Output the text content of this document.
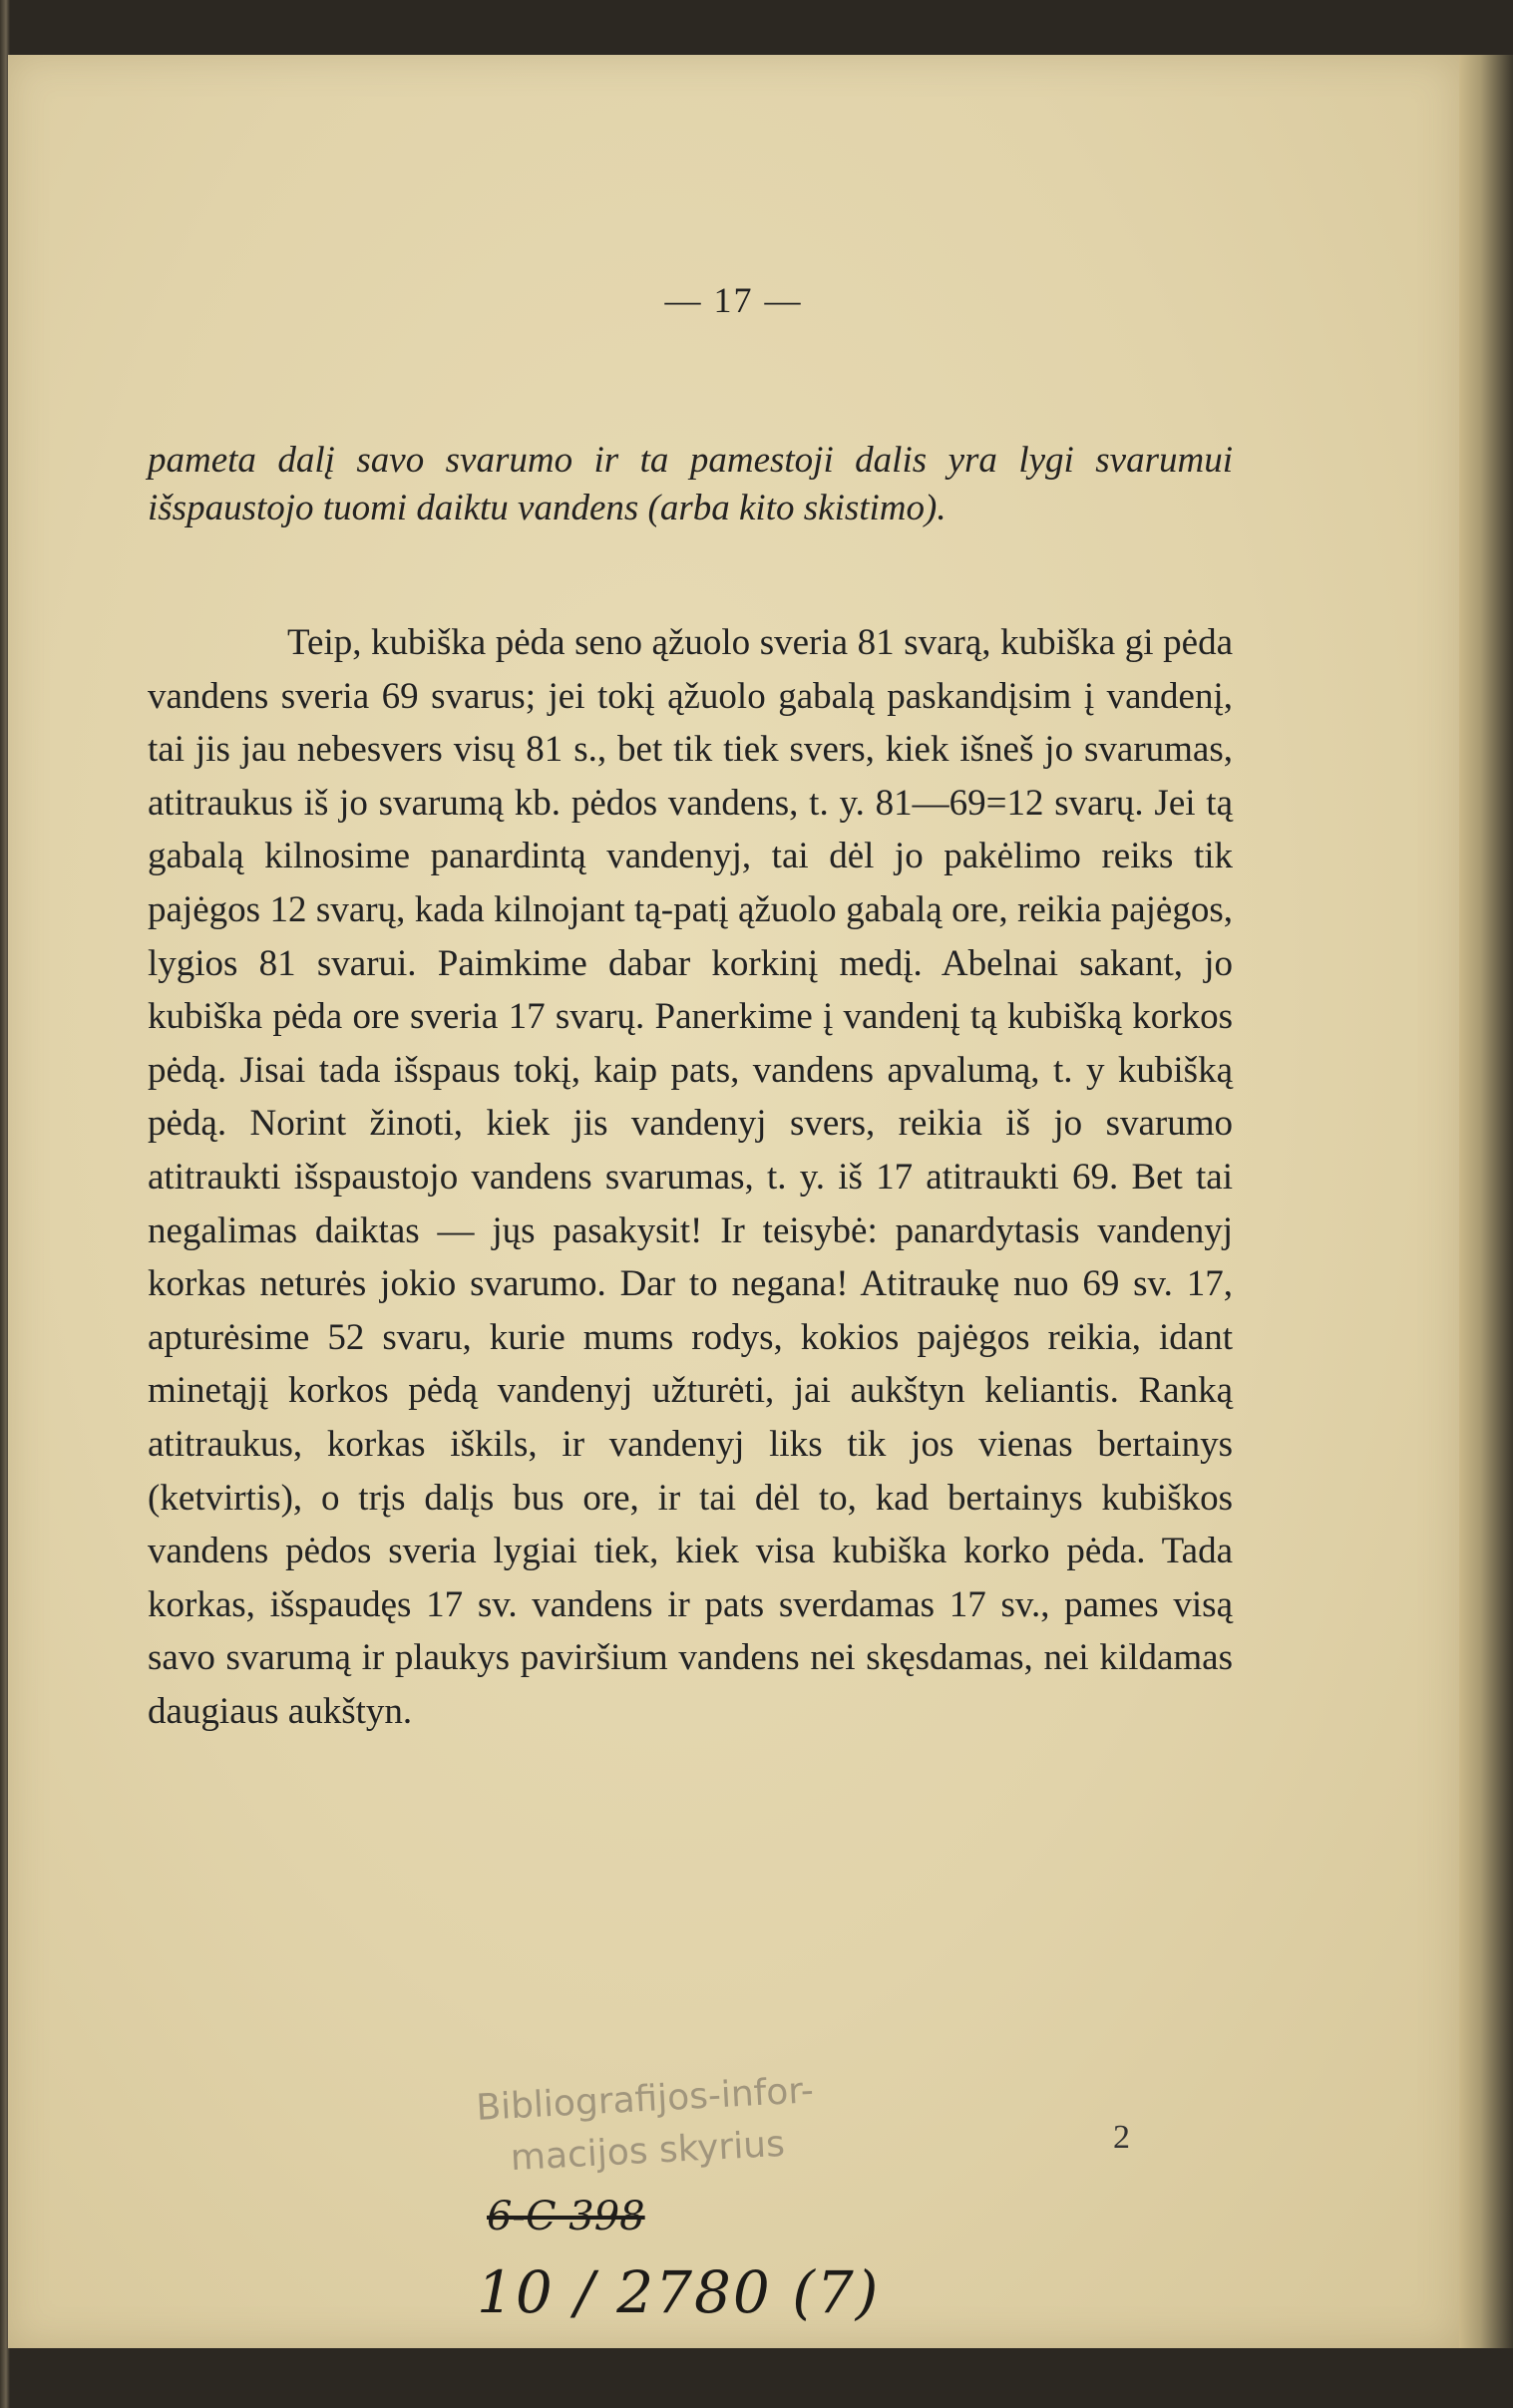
— 17 —
pameta dalį savo svarumo ir ta pamestoji dalis yra lygi svarumui išspaustojo tuomi daiktu vandens (arba kito skistimo).
Teip, kubiška pėda seno ąžuolo sveria 81 svarą, kubiška gi pėda vandens sveria 69 svarus; jei tokį ąžuolo gabalą paskandįsim į vandenį, tai jis jau nebesvers visų 81 s., bet tik tiek svers, kiek išneš jo svarumas, atitraukus iš jo svarumą kb. pėdos vandens, t. y. 81—69=12 svarų. Jei tą gabalą kilnosime panardintą vandenyj, tai dėl jo pakėlimo reiks tik pajėgos 12 svarų, kada kilnojant tą-patį ąžuolo gabalą ore, reikia pajėgos, lygios 81 svarui. Paimkime dabar korkinį medį. Abelnai sakant, jo kubiška pėda ore sveria 17 svarų. Panerkime į vandenį tą kubišką korkos pėdą. Jisai tada išspaus tokį, kaip pats, vandens apvalumą, t. y kubišką pėdą. Norint žinoti, kiek jis vandenyj svers, reikia iš jo svarumo atitraukti išspaustojo vandens svarumas, t. y. iš 17 atitraukti 69. Bet tai negalimas daiktas — jųs pasakysit! Ir teisybė: panardytasis vandenyj korkas neturės jokio svarumo. Dar to negana! Atitraukę nuo 69 sv. 17, apturėsime 52 svaru, kurie mums rodys, kokios pajėgos reikia, idant minetąjį korkos pėdą vandenyj užturėti, jai aukštyn keliantis. Ranką atitraukus, korkas iškils, ir vandenyj liks tik jos vienas bertainys (ketvirtis), o trįs dalįs bus ore, ir tai dėl to, kad bertainys kubiškos vandens pėdos sveria lygiai tiek, kiek visa kubiška korko pėda. Tada korkas, išspaudęs 17 sv. vandens ir pats sverdamas 17 sv., pames visą savo svarumą ir plaukys paviršium vandens nei skęsdamas, nei kildamas daugiaus aukštyn.
Bibliografijos-infor-
macijos skyrius	2
6-C 398
10 / 2780 (7)
